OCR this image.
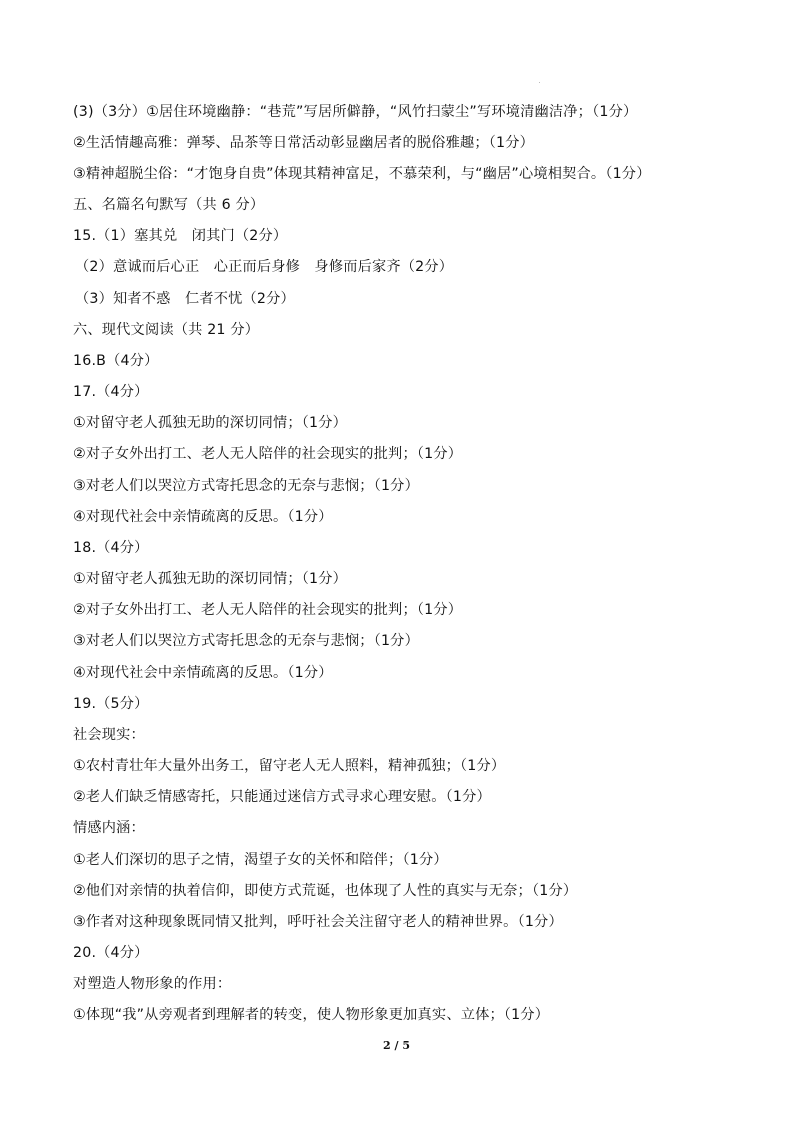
(3)（3分）①居住环境幽静：“巷荒”写居所僻静，“风竹扫蒙尘”写环境清幽洁净；（1分）
②生活情趣高雅：弹琴、品茶等日常活动彰显幽居者的脱俗雅趣；（1分）
③精神超脱尘俗：“才饱身自贵”体现其精神富足，不慕荣利，与“幽居”心境相契合。（1分）
五、名篇名句默写（共 6 分）
15.（1）塞其兑　闭其门（2分）
（2）意诚而后心正　心正而后身修　身修而后家齐（2分）
（3）知者不惑　仁者不忧（2分）
六、现代文阅读（共 21 分）
16.B（4分）
17.（4分）
①对留守老人孤独无助的深切同情；（1分）
②对子女外出打工、老人无人陪伴的社会现实的批判；（1分）
③对老人们以哭泣方式寄托思念的无奈与悲悯；（1分）
④对现代社会中亲情疏离的反思。（1分）
18.（4分）
①对留守老人孤独无助的深切同情；（1分）
②对子女外出打工、老人无人陪伴的社会现实的批判；（1分）
③对老人们以哭泣方式寄托思念的无奈与悲悯；（1分）
④对现代社会中亲情疏离的反思。（1分）
19.（5分）
社会现实：
①农村青壮年大量外出务工，留守老人无人照料，精神孤独；（1分）
②老人们缺乏情感寄托，只能通过迷信方式寻求心理安慰。（1分）
情感内涵：
①老人们深切的思子之情，渴望子女的关怀和陪伴；（1分）
②他们对亲情的执着信仰，即使方式荒诞，也体现了人性的真实与无奈；（1分）
③作者对这种现象既同情又批判，呼吁社会关注留守老人的精神世界。（1分）
20.（4分）
对塑造人物形象的作用：
①体现“我”从旁观者到理解者的转变，使人物形象更加真实、立体；（1分）
2 / 5
